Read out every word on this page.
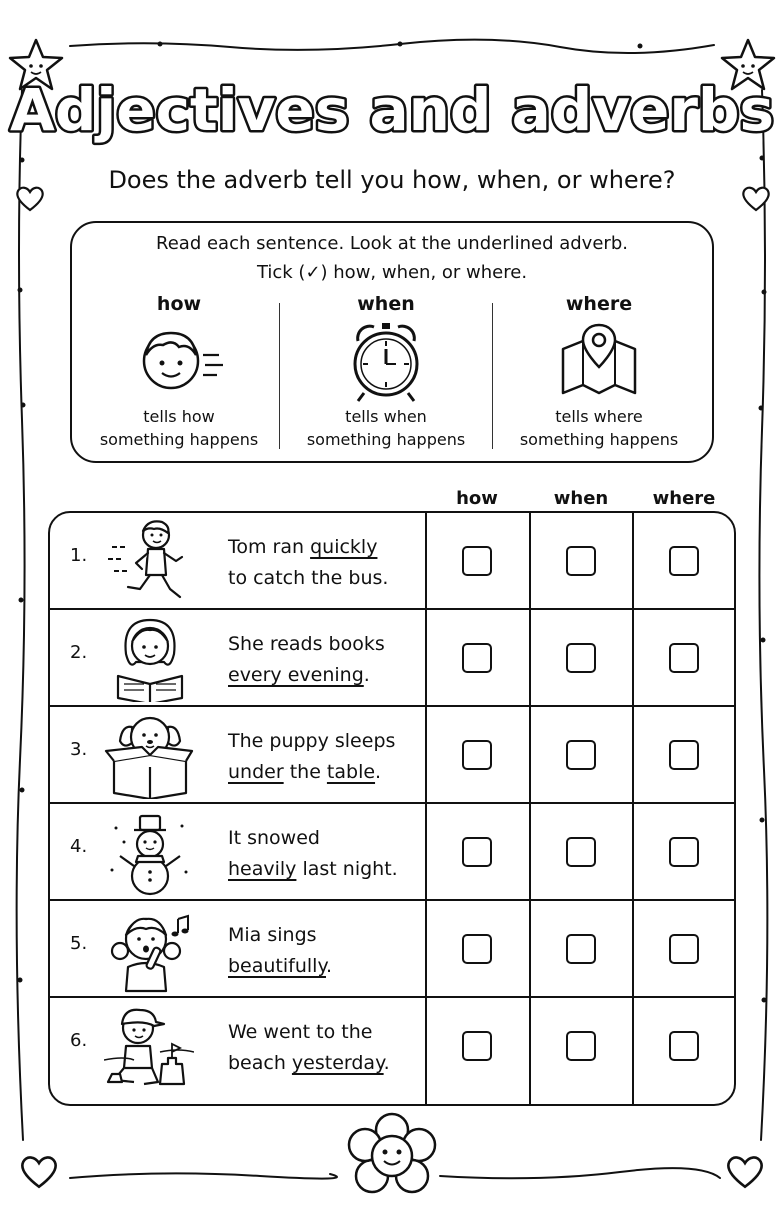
Adjectives and adverbs
Does the adverb tell you how, when, or where?
Read each sentence. Look at the underlined adverb.
Tick (✓) how, when, or where.
how
tells how
something happens
when
tells when
something happens
where
tells where
something happens
how	when	where
1.	Tom ran quickly
to catch the bus.
2.	She reads books
every evening.
3.	The puppy sleeps
under the table.
4.	It snowed
heavily last night.
5.	Mia sings
beautifully.
6.	We went to the
beach yesterday.
